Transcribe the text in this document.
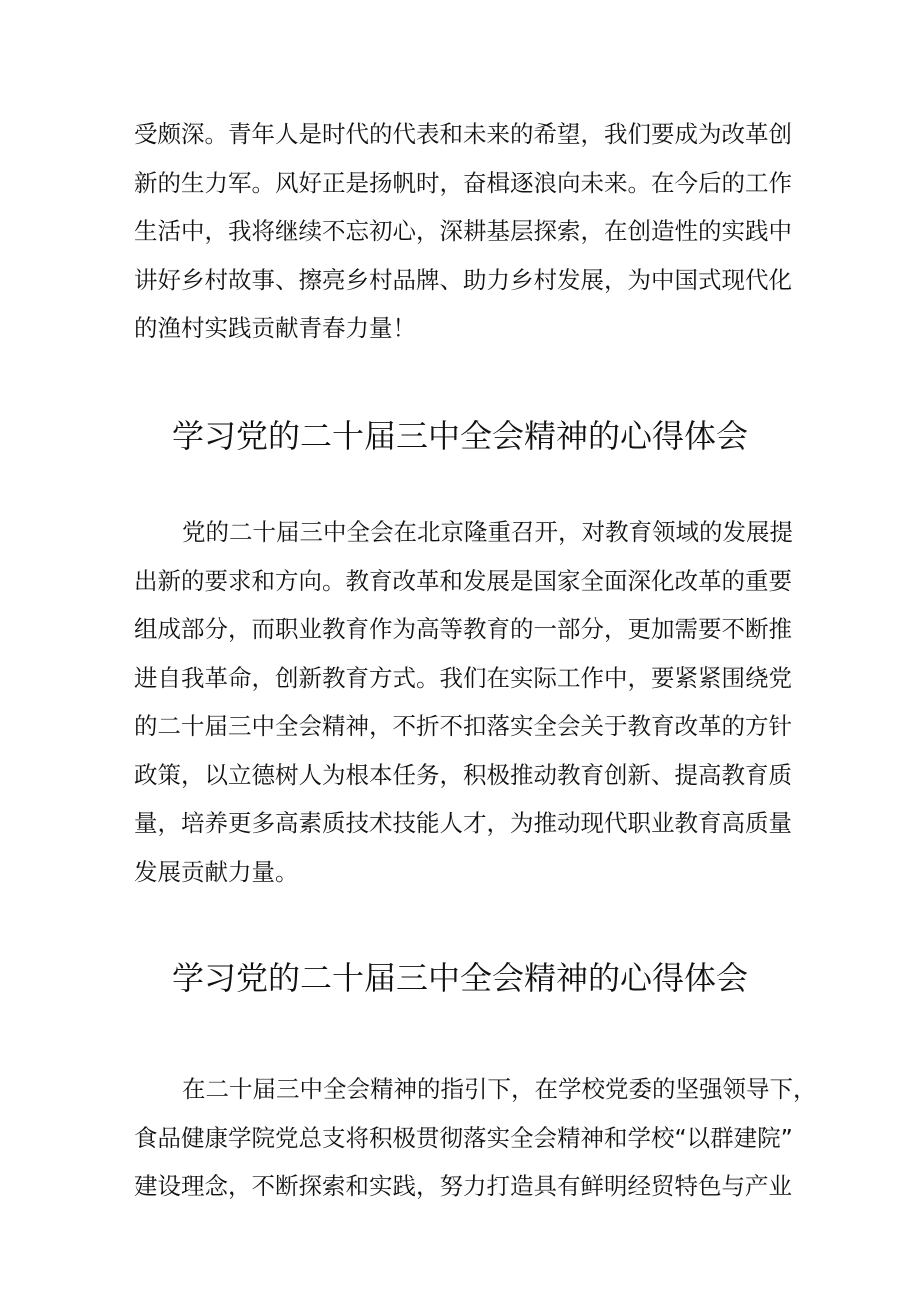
受颇深。青年人是时代的代表和未来的希望，我们要成为改革创
新的生力军。风好正是扬帆时，奋楫逐浪向未来。在今后的工作
生活中，我将继续不忘初心，深耕基层探索，在创造性的实践中
讲好乡村故事、擦亮乡村品牌、助力乡村发展，为中国式现代化
的渔村实践贡献青春力量！
学习党的二十届三中全会精神的心得体会
党的二十届三中全会在北京隆重召开，对教育领域的发展提
出新的要求和方向。教育改革和发展是国家全面深化改革的重要
组成部分，而职业教育作为高等教育的一部分，更加需要不断推
进自我革命，创新教育方式。我们在实际工作中，要紧紧围绕党
的二十届三中全会精神，不折不扣落实全会关于教育改革的方针
政策，以立德树人为根本任务，积极推动教育创新、提高教育质
量，培养更多高素质技术技能人才，为推动现代职业教育高质量
发展贡献力量。
学习党的二十届三中全会精神的心得体会
在二十届三中全会精神的指引下，在学校党委的坚强领导下，
食品健康学院党总支将积极贯彻落实全会精神和学校“以群建院”
建设理念，不断探索和实践，努力打造具有鲜明经贸特色与产业
